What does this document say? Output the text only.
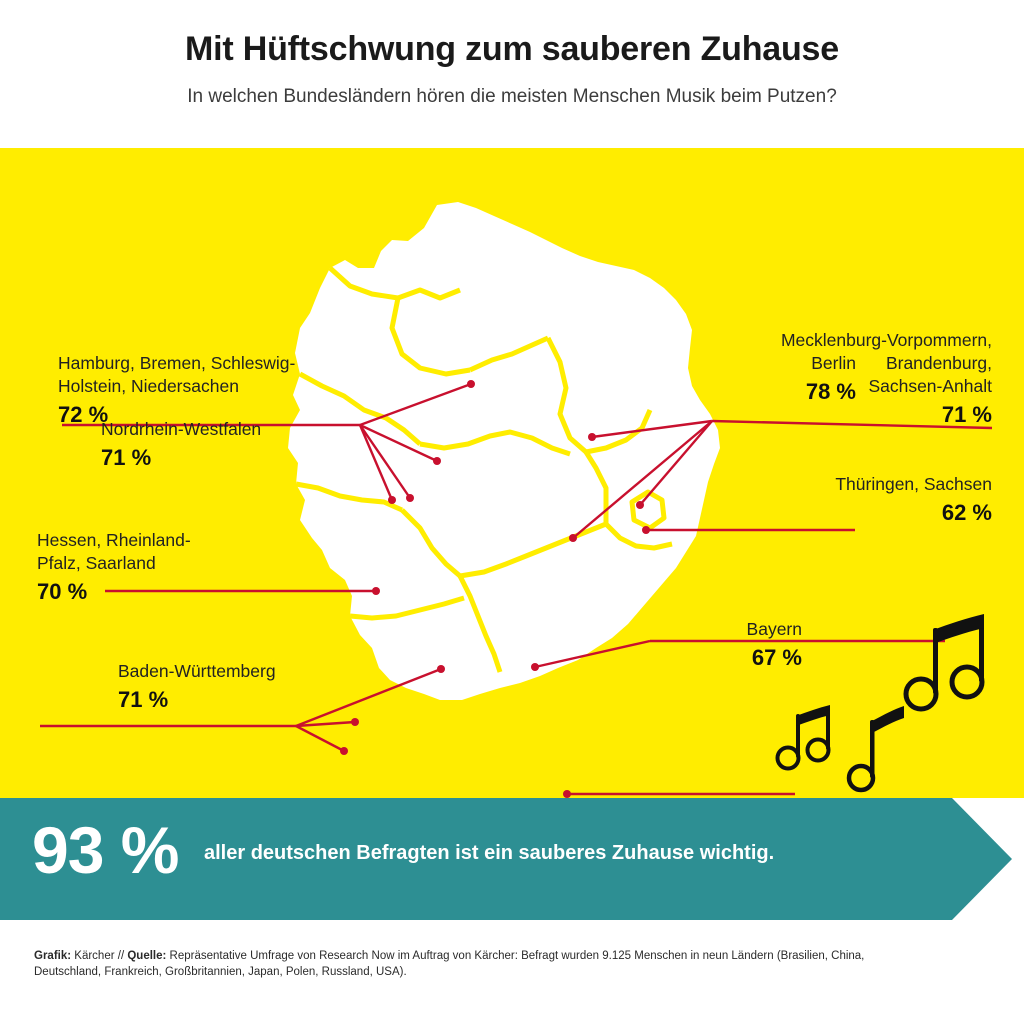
Mit Hüftschwung zum sauberen Zuhause
In welchen Bundesländern hören die meisten Menschen Musik beim Putzen?
Hamburg, Bremen, Schleswig-
Holstein, Niedersachen
72 %
Mecklenburg-Vorpommern,
Brandenburg,
Sachsen-Anhalt
71 %
Berlin
78 %
Nordrhein-Westfalen
71 %
Thüringen, Sachsen
62 %
Hessen, Rheinland-
Pfalz, Saarland
70 %
Bayern
67 %
Baden-Württemberg
71 %
93 % aller deutschen Befragten ist ein sauberes Zuhause wichtig.
Grafik: Kärcher // Quelle: Repräsentative Umfrage von Research Now im Auftrag von Kärcher: Befragt wurden 9.125 Menschen in neun Ländern (Brasilien, China, Deutschland, Frankreich, Großbritannien, Japan, Polen, Russland, USA).
